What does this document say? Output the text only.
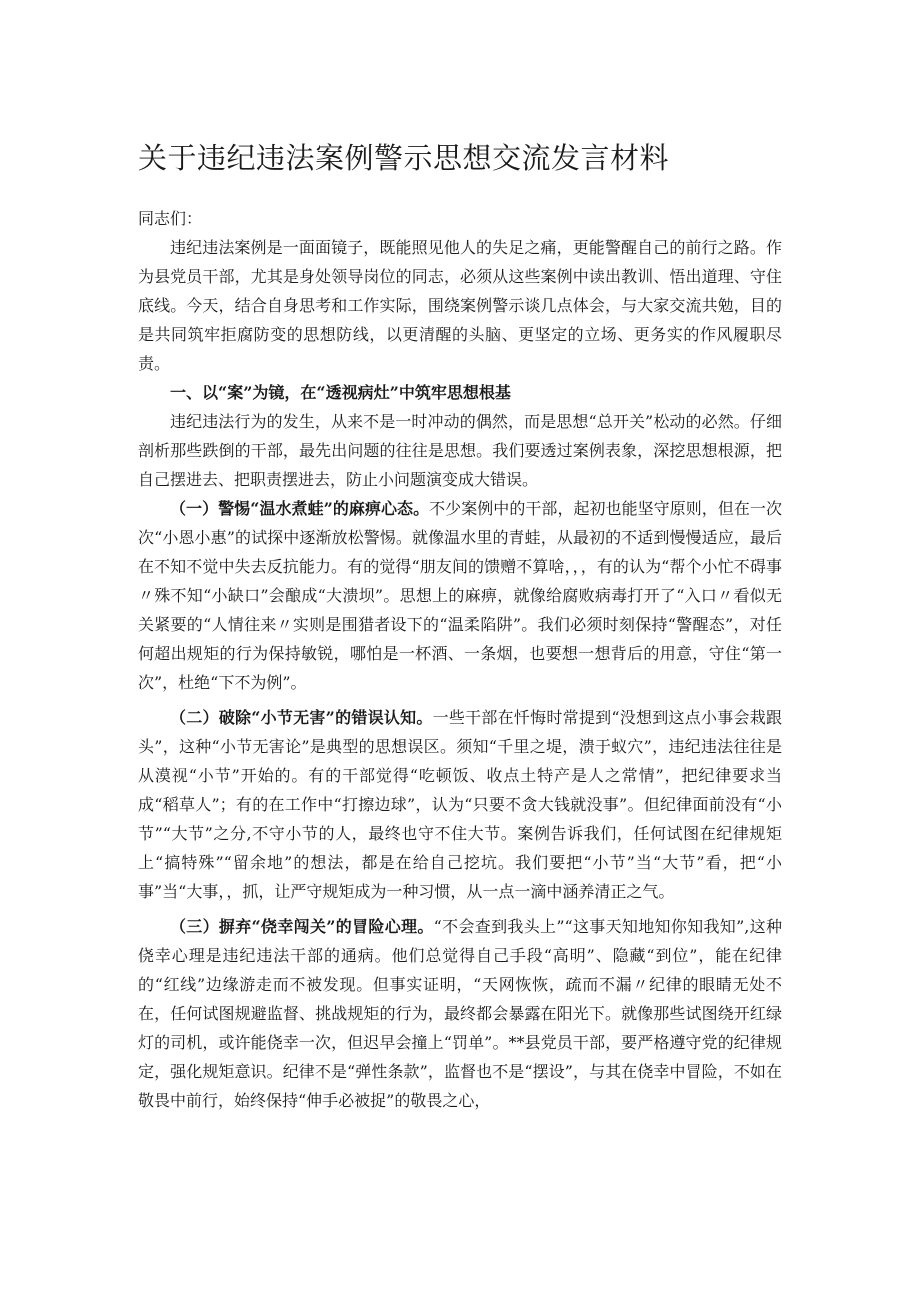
关于违纪违法案例警示思想交流发言材料

同志们：

违纪违法案例是一面面镜子，既能照见他人的失足之痛，更能警醒自己的前行之路。作为县党员干部，尤其是身处领导岗位的同志，必须从这些案例中读出教训、悟出道理、守住底线。今天，结合自身思考和工作实际，围绕案例警示谈几点体会，与大家交流共勉，目的是共同筑牢拒腐防变的思想防线，以更清醒的头脑、更坚定的立场、更务实的作风履职尽责。

一、以“案”为镜，在“透视病灶”中筑牢思想根基

违纪违法行为的发生，从来不是一时冲动的偶然，而是思想“总开关”松动的必然。仔细剖析那些跌倒的干部，最先出问题的往往是思想。我们要透过案例表象，深挖思想根源，把自己摆进去、把职责摆进去，防止小问题演变成大错误。

（一）警惕“温水煮蛙”的麻痹心态。不少案例中的干部，起初也能坚守原则，但在一次次“小恩小惠”的试探中逐渐放松警惕。就像温水里的青蛙，从最初的不适到慢慢适应，最后在不知不觉中失去反抗能力。有的觉得“朋友间的馈赠不算啥，，，有的认为“帮个小忙不碍事〃殊不知“小缺口”会酿成“大溃坝”。思想上的麻痹，就像给腐败病毒打开了“入口〃看似无关紧要的“人情往来〃实则是围猎者设下的“温柔陷阱”。我们必须时刻保持“警醒态”，对任何超出规矩的行为保持敏锐，哪怕是一杯酒、一条烟，也要想一想背后的用意，守住“第一次”，杜绝“下不为例”。

（二）破除“小节无害”的错误认知。一些干部在忏悔时常提到“没想到这点小事会栽跟头”，这种“小节无害论”是典型的思想误区。须知“千里之堤，溃于蚁穴”，违纪违法往往是从漠视“小节”开始的。有的干部觉得“吃顿饭、收点土特产是人之常情”，把纪律要求当成“稻草人”；有的在工作中“打擦边球”，认为“只要不贪大钱就没事”。但纪律面前没有“小节”“大节”之分,不守小节的人，最终也守不住大节。案例告诉我们，任何试图在纪律规矩上“搞特殊”“留余地”的想法，都是在给自己挖坑。我们要把“小节”当“大节”看，把“小事”当“大事，，抓，让严守规矩成为一种习惯，从一点一滴中涵养清正之气。

（三）摒弃“侥幸闯关”的冒险心理。“不会查到我头上”“这事天知地知你知我知”,这种侥幸心理是违纪违法干部的通病。他们总觉得自己手段“高明”、隐藏“到位”，能在纪律的“红线”边缘游走而不被发现。但事实证明，“天网恢恢，疏而不漏〃纪律的眼睛无处不在，任何试图规避监督、挑战规矩的行为，最终都会暴露在阳光下。就像那些试图绕开红绿灯的司机，或许能侥幸一次，但迟早会撞上“罚单”。**县党员干部，要严格遵守党的纪律规定，强化规矩意识。纪律不是“弹性条款”，监督也不是“摆设”，与其在侥幸中冒险，不如在敬畏中前行，始终保持“伸手必被捉”的敬畏之心，
